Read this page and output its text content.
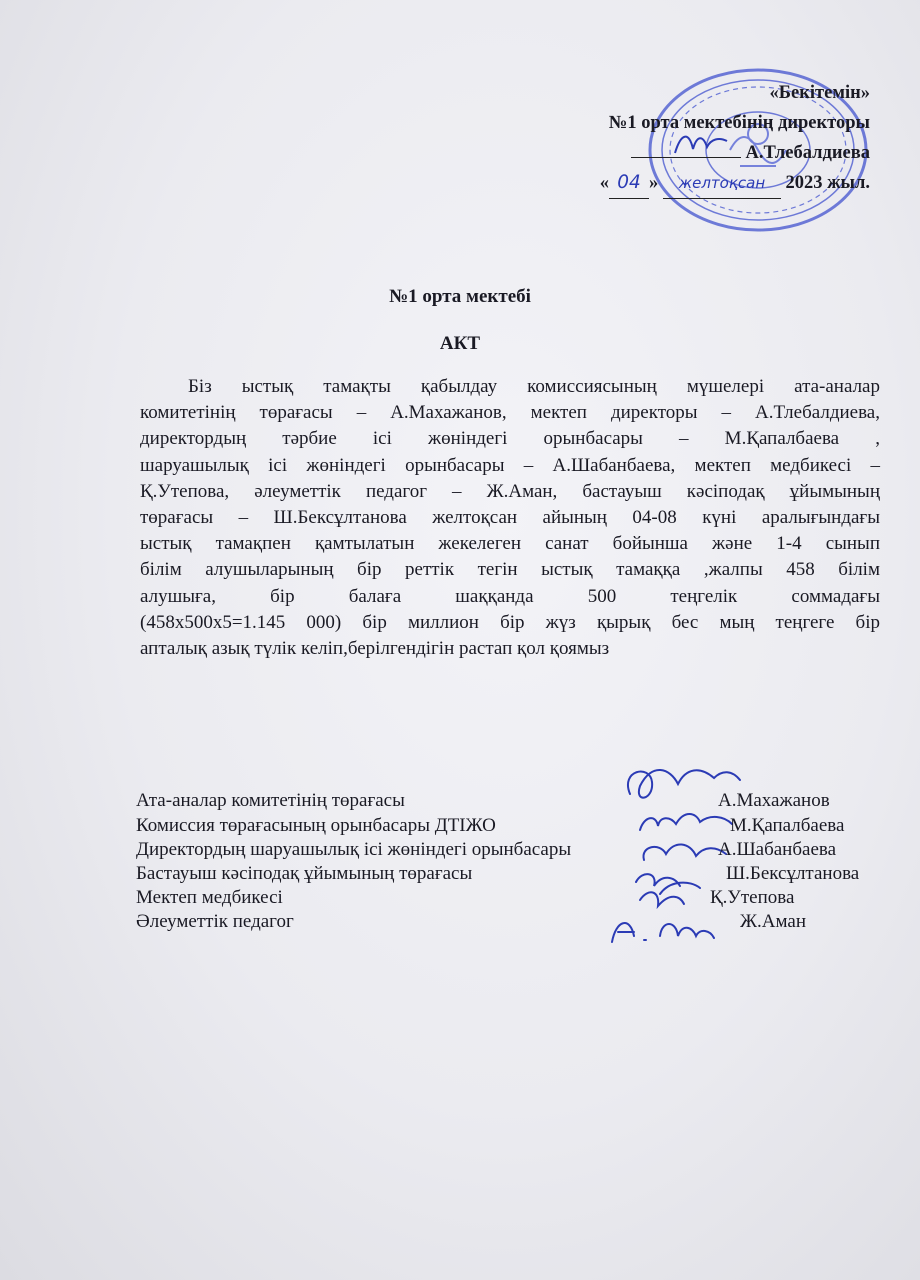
«Бекітемін»
№1 орта мектебінің директоры
А.Тлебалдиева
« 04 » желтоқсан 2023 жыл.
№1 орта мектебі
АКТ
Біз ыстық тамақты қабылдау комиссиясының мүшелері ата-аналар
комитетінің төрағасы – А.Махажанов, мектеп директоры – А.Тлебалдиева,
директордың тәрбие ісі жөніндегі орынбасары – М.Қапалбаева ,
шаруашылық ісі жөніндегі орынбасары – А.Шабанбаева, мектеп медбикесі –
Қ.Утепова, әлеуметтік педагог – Ж.Аман, бастауыш кәсіподақ ұйымының
төрағасы – Ш.Бексұлтанова желтоқсан айының 04-08 күні аралығындағы
ыстық тамақпен қамтылатын жекелеген санат бойынша және 1-4 сынып
білім алушыларының бір реттік тегін ыстық тамаққа ,жалпы 458 білім
алушыға, бір балаға шаққанда 500 теңгелік соммадағы
(458х500х5=1.145 000) бір миллион бір жүз қырық бес мың теңгеге бір
апталық азық түлік келіп,берілгендігін растап қол қоямыз
Ата-аналар комитетінің төрағасы	А.Махажанов
Комиссия төрағасының орынбасары ДТІЖО	М.Қапалбаева
Директордың шаруашылық ісі жөніндегі орынбасары	А.Шабанбаева
Бастауыш кәсіподақ ұйымының төрағасы	Ш.Бексұлтанова
Мектеп медбикесі	Қ.Утепова
Әлеуметтік педагог	Ж.Аман
